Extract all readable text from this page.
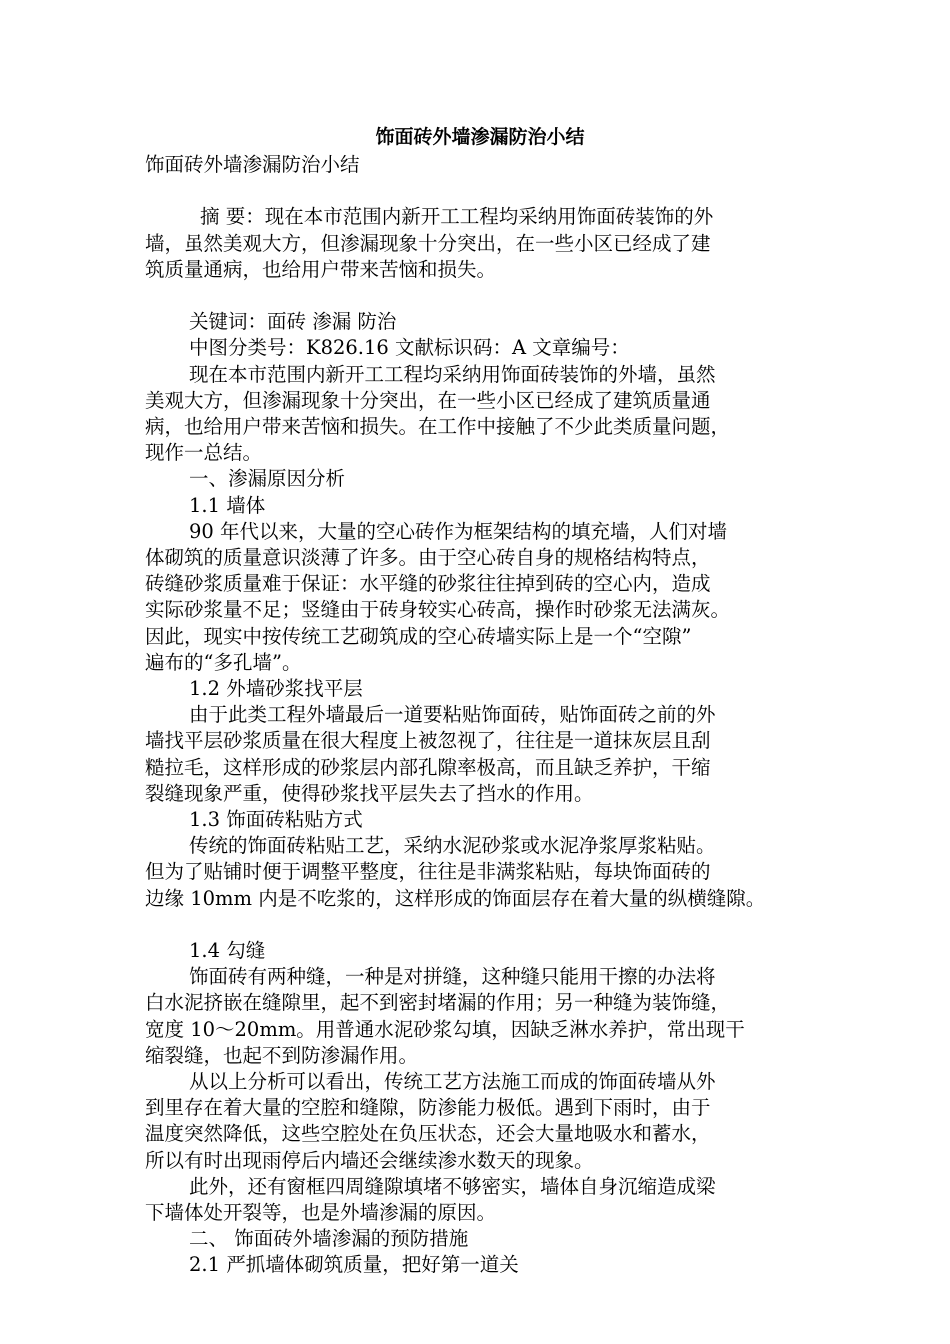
饰面砖外墙渗漏防治小结

饰面砖外墙渗漏防治小结

摘 要：现在本市范围内新开工工程均采纳用饰面砖装饰的外

墙，虽然美观大方，但渗漏现象十分突出，在一些小区已经成了建

筑质量通病，也给用户带来苦恼和损失。

关键词：面砖 渗漏 防治

中图分类号：K826.16 文献标识码：A 文章编号：

现在本市范围内新开工工程均采纳用饰面砖装饰的外墙，虽然

美观大方，但渗漏现象十分突出，在一些小区已经成了建筑质量通

病，也给用户带来苦恼和损失。在工作中接触了不少此类质量问题，

现作一总结。

一、渗漏原因分析

1.1 墙体

90 年代以来，大量的空心砖作为框架结构的填充墙，人们对墙

体砌筑的质量意识淡薄了许多。由于空心砖自身的规格结构特点，

砖缝砂浆质量难于保证：水平缝的砂浆往往掉到砖的空心内，造成

实际砂浆量不足；竖缝由于砖身较实心砖高，操作时砂浆无法满灰。

因此，现实中按传统工艺砌筑成的空心砖墙实际上是一个“空隙”

遍布的“多孔墙”。

1.2 外墙砂浆找平层

由于此类工程外墙最后一道要粘贴饰面砖，贴饰面砖之前的外

墙找平层砂浆质量在很大程度上被忽视了，往往是一道抹灰层且刮

糙拉毛，这样形成的砂浆层内部孔隙率极高，而且缺乏养护，干缩

裂缝现象严重，使得砂浆找平层失去了挡水的作用。

1.3 饰面砖粘贴方式

传统的饰面砖粘贴工艺，采纳水泥砂浆或水泥净浆厚浆粘贴。

但为了贴铺时便于调整平整度，往往是非满浆粘贴，每块饰面砖的

边缘 10mm 内是不吃浆的，这样形成的饰面层存在着大量的纵横缝隙。

1.4 勾缝

饰面砖有两种缝，一种是对拼缝，这种缝只能用干擦的办法将

白水泥挤嵌在缝隙里，起不到密封堵漏的作用；另一种缝为装饰缝，

宽度 10～20mm。用普通水泥砂浆勾填，因缺乏淋水养护，常出现干

缩裂缝，也起不到防渗漏作用。

从以上分析可以看出，传统工艺方法施工而成的饰面砖墙从外

到里存在着大量的空腔和缝隙，防渗能力极低。遇到下雨时，由于

温度突然降低，这些空腔处在负压状态，还会大量地吸水和蓄水，

所以有时出现雨停后内墙还会继续渗水数天的现象。

此外，还有窗框四周缝隙填堵不够密实，墙体自身沉缩造成梁

下墙体处开裂等，也是外墙渗漏的原因。

二、 饰面砖外墙渗漏的预防措施

2.1 严抓墙体砌筑质量，把好第一道关
